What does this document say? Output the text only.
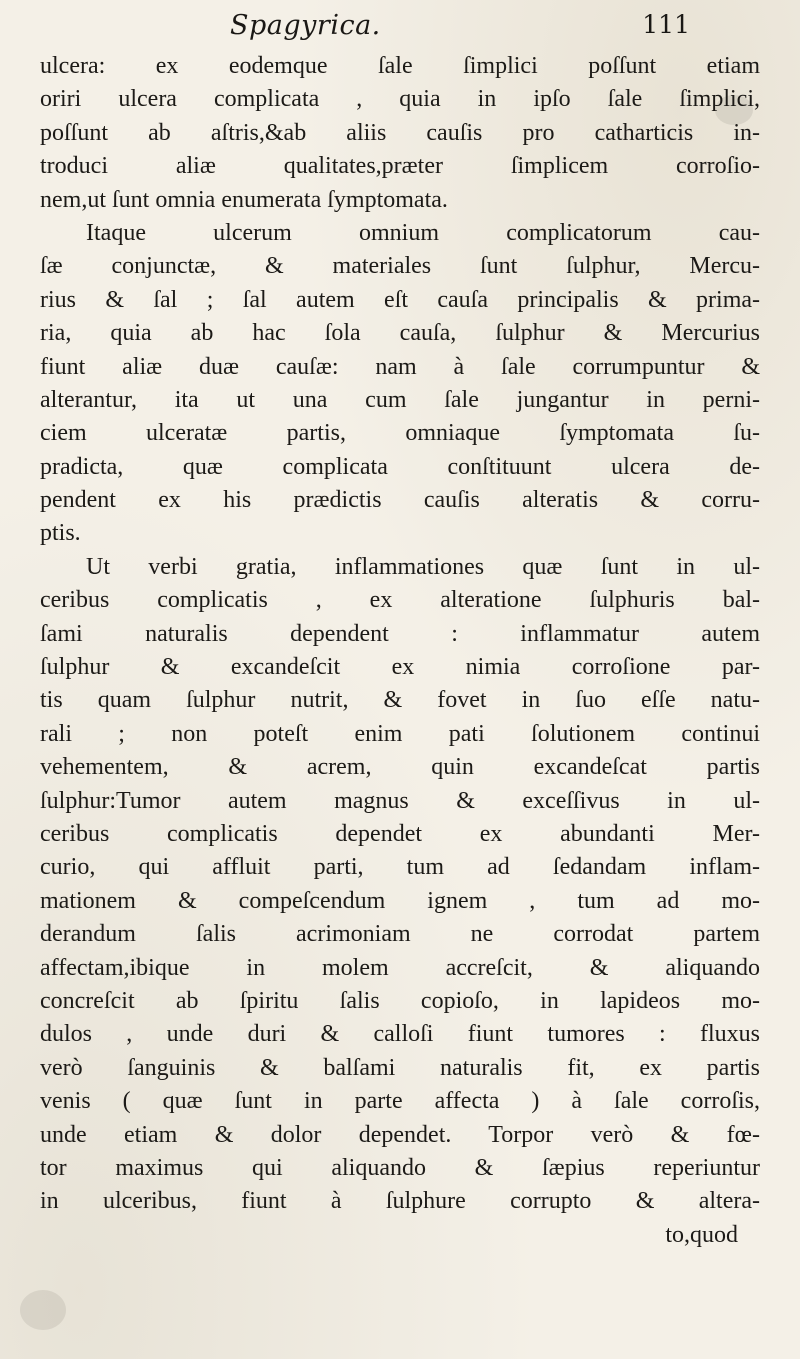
Spagyrica.	111
ulcera: ex eodemque ſale ſimplici poſſunt etiam
oriri ulcera complicata , quia in ipſo ſale ſimplici,
poſſunt ab aſtris,&ab aliis cauſis pro catharticis in-
troduci aliæ qualitates,præter ſimplicem corroſio-
nem,ut ſunt omnia enumerata ſymptomata.
Itaque ulcerum omnium complicatorum cau-
ſæ conjunctæ, & materiales ſunt ſulphur, Mercu-
rius & ſal ; ſal autem eſt cauſa principalis & prima-
ria, quia ab hac ſola cauſa, ſulphur & Mercurius
fiunt aliæ duæ cauſæ: nam à ſale corrumpuntur &
alterantur, ita ut una cum ſale jungantur in perni-
ciem ulceratæ partis, omniaque ſymptomata ſu-
pradicta, quæ complicata conſtituunt ulcera de-
pendent ex his prædictis cauſis alteratis & corru-
ptis.
Ut verbi gratia, inflammationes quæ ſunt in ul-
ceribus complicatis , ex alteratione ſulphuris bal-
ſami naturalis dependent : inflammatur autem
ſulphur & excandeſcit ex nimia corroſione par-
tis quam ſulphur nutrit, & fovet in ſuo eſſe natu-
rali ; non poteſt enim pati ſolutionem continui
vehementem, & acrem, quin excandeſcat partis
ſulphur:Tumor autem magnus & exceſſivus in ul-
ceribus complicatis dependet ex abundanti Mer-
curio, qui affluit parti, tum ad ſedandam inflam-
mationem & compeſcendum ignem , tum ad mo-
derandum ſalis acrimoniam ne corrodat partem
affectam,ibique in molem accreſcit, & aliquando
concreſcit ab ſpiritu ſalis copioſo, in lapideos mo-
dulos , unde duri & calloſi fiunt tumores : fluxus
verò ſanguinis & balſami naturalis fit, ex partis
venis ( quæ ſunt in parte affecta ) à ſale corroſis,
unde etiam & dolor dependet. Torpor verò & fœ-
tor maximus qui aliquando & ſæpius reperiuntur
in ulceribus, fiunt à ſulphure corrupto & altera-
to,quod
